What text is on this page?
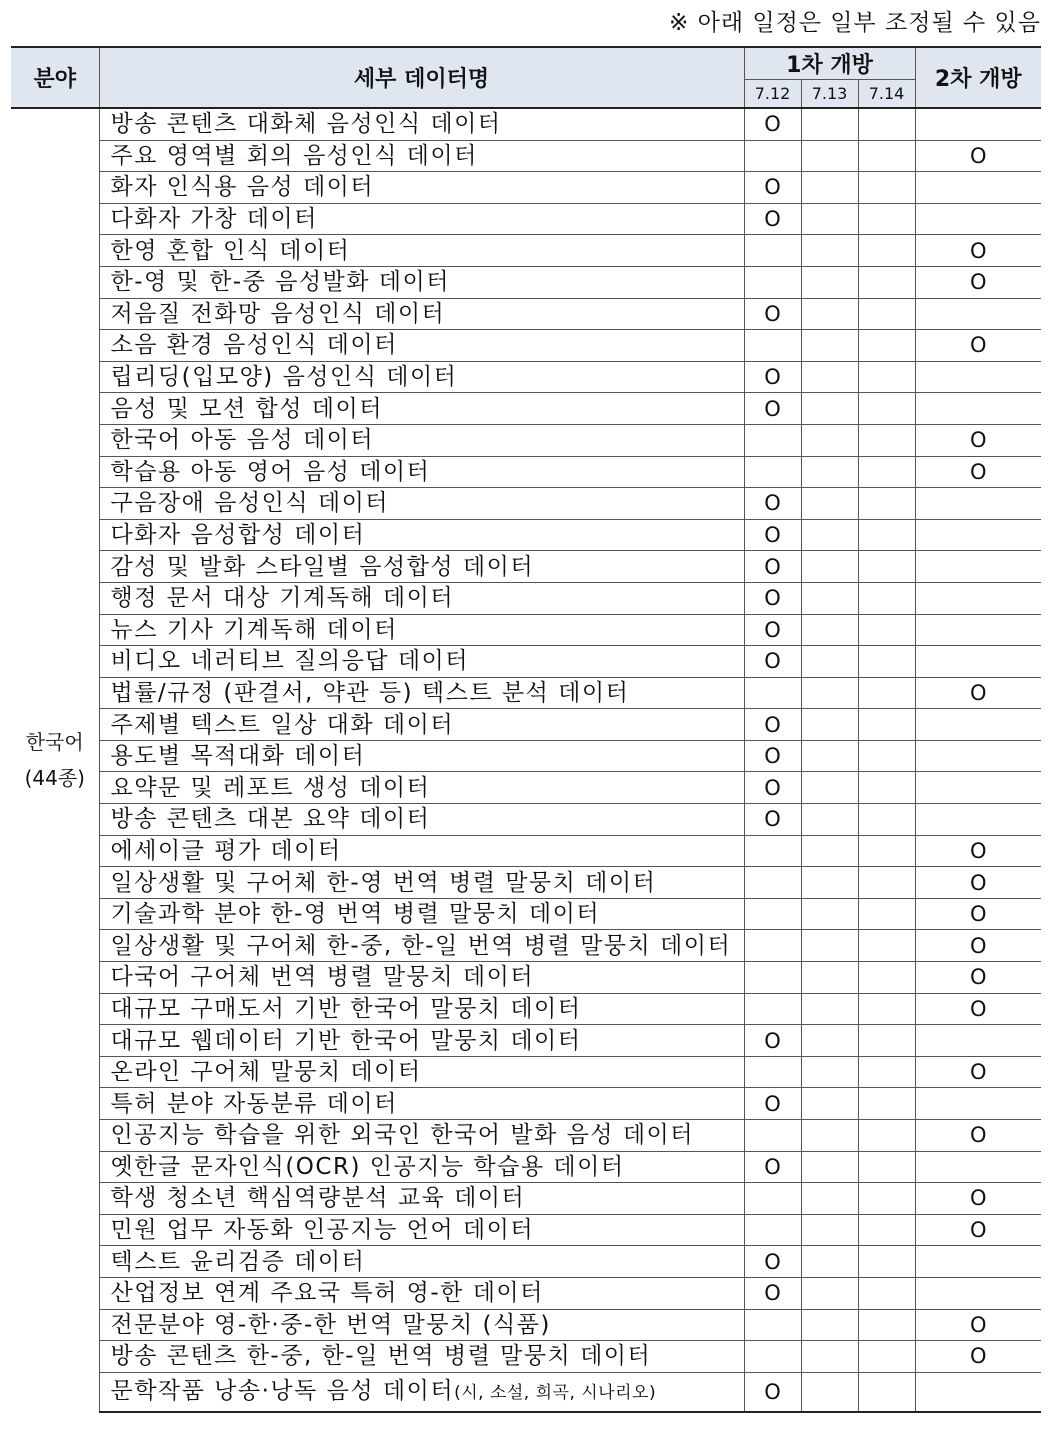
※ 아래 일정은 일부 조정될 수 있음
분야	세부 데이터명	1차 개방			2차 개방
		7.12	7.13	7.14	

한국어
(44종)	방송 콘텐츠 대화체 음성인식 데이터	O			
	주요 영역별 회의 음성인식 데이터				O
	화자 인식용 음성 데이터	O			
	다화자 가창 데이터	O			
	한영 혼합 인식 데이터				O
	한-영 및 한-중 음성발화 데이터				O
	저음질 전화망 음성인식 데이터	O			
	소음 환경 음성인식 데이터				O
	립리딩(입모양) 음성인식 데이터	O			
	음성 및 모션 합성 데이터	O			
	한국어 아동 음성 데이터				O
	학습용 아동 영어 음성 데이터				O
	구음장애 음성인식 데이터	O			
	다화자 음성합성 데이터	O			
	감성 및 발화 스타일별 음성합성 데이터	O			
	행정 문서 대상 기계독해 데이터	O			
	뉴스 기사 기계독해 데이터	O			
	비디오 네러티브 질의응답 데이터	O			
	법률/규정 (판결서, 약관 등) 텍스트 분석 데이터				O
	주제별 텍스트 일상 대화 데이터	O			
	용도별 목적대화 데이터	O			
	요약문 및 레포트 생성 데이터	O			
	방송 콘텐츠 대본 요약 데이터	O			
	에세이글 평가 데이터				O
	일상생활 및 구어체 한-영 번역 병렬 말뭉치 데이터				O
	기술과학 분야 한-영 번역 병렬 말뭉치 데이터				O
	일상생활 및 구어체 한-중, 한-일 번역 병렬 말뭉치 데이터				O
	다국어 구어체 번역 병렬 말뭉치 데이터				O
	대규모 구매도서 기반 한국어 말뭉치 데이터				O
	대규모 웹데이터 기반 한국어 말뭉치 데이터	O			
	온라인 구어체 말뭉치 데이터				O
	특허 분야 자동분류 데이터	O			
	인공지능 학습을 위한 외국인 한국어 발화 음성 데이터				O
	옛한글 문자인식(OCR) 인공지능 학습용 데이터	O			
	학생 청소년 핵심역량분석 교육 데이터				O
	민원 업무 자동화 인공지능 언어 데이터				O
	텍스트 윤리검증 데이터	O			
	산업정보 연계 주요국 특허 영-한 데이터	O			
	전문분야 영-한·중-한 번역 말뭉치 (식품)				O
	방송 콘텐츠 한-중, 한-일 번역 병렬 말뭉치 데이터				O
	문학작품 낭송·낭독 음성 데이터(시, 소설, 희곡, 시나리오)	O			
